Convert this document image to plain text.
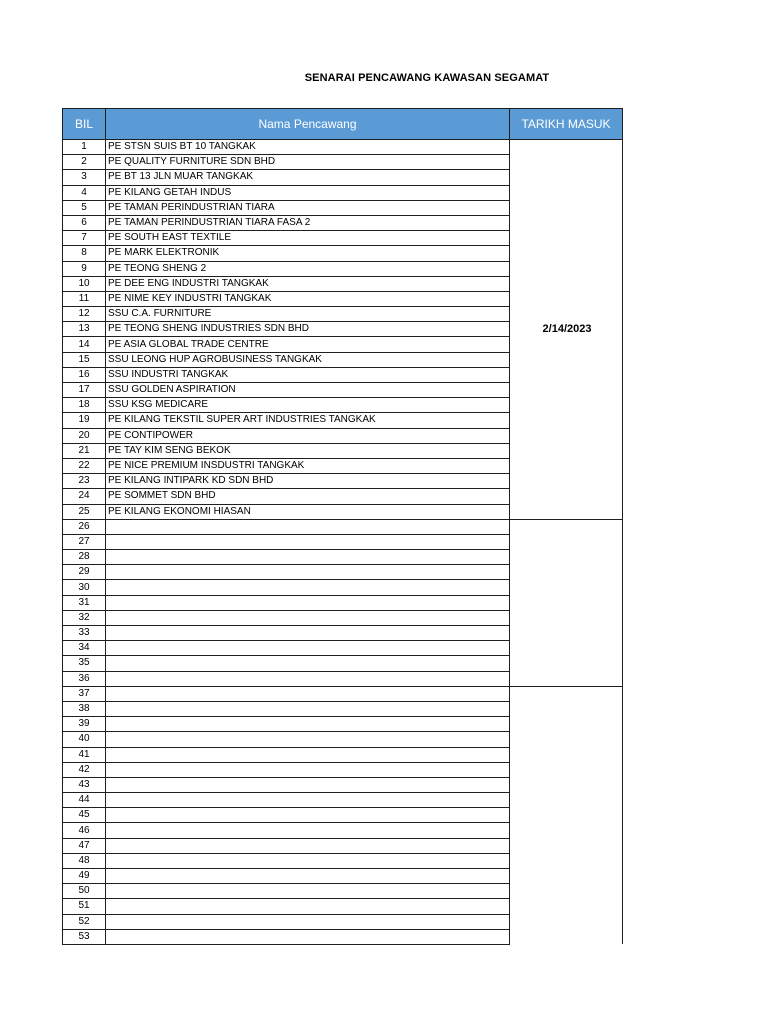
SENARAI PENCAWANG KAWASAN SEGAMAT
BIL	Nama Pencawang	TARIKH MASUK
1	PE STSN SUIS BT 10 TANGKAK	2/14/2023
2	PE QUALITY FURNITURE SDN BHD	
3	PE BT 13 JLN MUAR TANGKAK	
4	PE KILANG GETAH INDUS	
5	PE TAMAN PERINDUSTRIAN TIARA	
6	PE TAMAN PERINDUSTRIAN TIARA FASA 2	
7	PE SOUTH EAST TEXTILE	
8	PE MARK ELEKTRONIK	
9	PE TEONG SHENG 2	
10	PE DEE ENG INDUSTRI TANGKAK	
11	PE NIME KEY INDUSTRI TANGKAK	
12	SSU C.A. FURNITURE	
13	PE TEONG SHENG INDUSTRIES SDN BHD	
14	PE ASIA GLOBAL TRADE CENTRE	
15	SSU LEONG HUP AGROBUSINESS TANGKAK	
16	SSU INDUSTRI TANGKAK	
17	SSU GOLDEN ASPIRATION	
18	SSU KSG MEDICARE	
19	PE KILANG TEKSTIL SUPER ART INDUSTRIES TANGKAK	
20	PE CONTIPOWER	
21	PE TAY KIM SENG BEKOK	
22	PE NICE PREMIUM INSDUSTRI TANGKAK	
23	PE KILANG INTIPARK KD SDN BHD	
24	PE SOMMET SDN BHD	
25	PE KILANG EKONOMI HIASAN	
26		
27		
28		
29		
30		
31		
32		
33		
34		
35		
36		
37		
38		
39		
40		
41		
42		
43		
44		
45		
46		
47		
48		
49		
50		
51		
52		
53		
